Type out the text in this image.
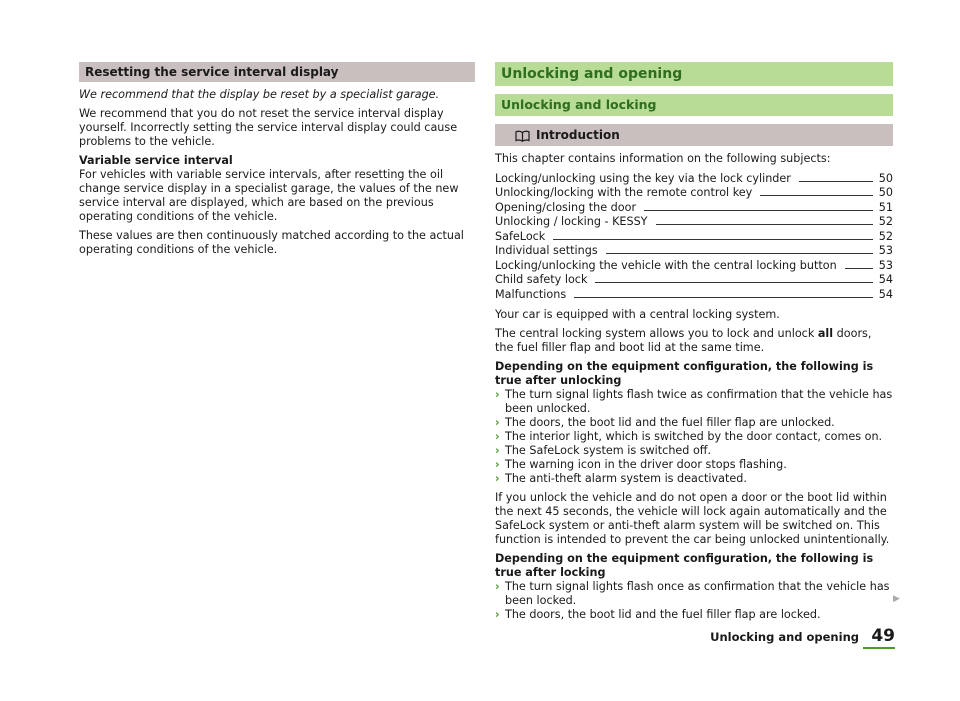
Resetting the service interval display

We recommend that the display be reset by a specialist garage.

We recommend that you do not reset the service interval display yourself. Incorrectly setting the service interval display could cause problems to the vehicle.

Variable service interval
For vehicles with variable service intervals, after resetting the oil change service display in a specialist garage, the values of the new service interval are displayed, which are based on the previous operating conditions of the vehicle.

These values are then continuously matched according to the actual operating conditions of the vehicle.

Unlocking and opening
Unlocking and locking
Introduction

This chapter contains information on the following subjects:

Locking/unlocking using the key via the lock cylinder	50
Unlocking/locking with the remote control key	50
Opening/closing the door	51
Unlocking / locking - KESSY	52
SafeLock	52
Individual settings	53
Locking/unlocking the vehicle with the central locking button	53
Child safety lock	54
Malfunctions	54

Your car is equipped with a central locking system.

The central locking system allows you to lock and unlock all doors, the fuel filler flap and boot lid at the same time.

Depending on the equipment configuration, the following is true after unlocking
› The turn signal lights flash twice as confirmation that the vehicle has been unlocked.
› The doors, the boot lid and the fuel filler flap are unlocked.
› The interior light, which is switched by the door contact, comes on.
› The SafeLock system is switched off.
› The warning icon in the driver door stops flashing.
› The anti-theft alarm system is deactivated.

If you unlock the vehicle and do not open a door or the boot lid within the next 45 seconds, the vehicle will lock again automatically and the SafeLock system or anti-theft alarm system will be switched on. This function is intended to prevent the car being unlocked unintentionally.

Depending on the equipment configuration, the following is true after locking
› The turn signal lights flash once as confirmation that the vehicle has been locked.
› The doors, the boot lid and the fuel filler flap are locked.
▶
Unlocking and opening 49
